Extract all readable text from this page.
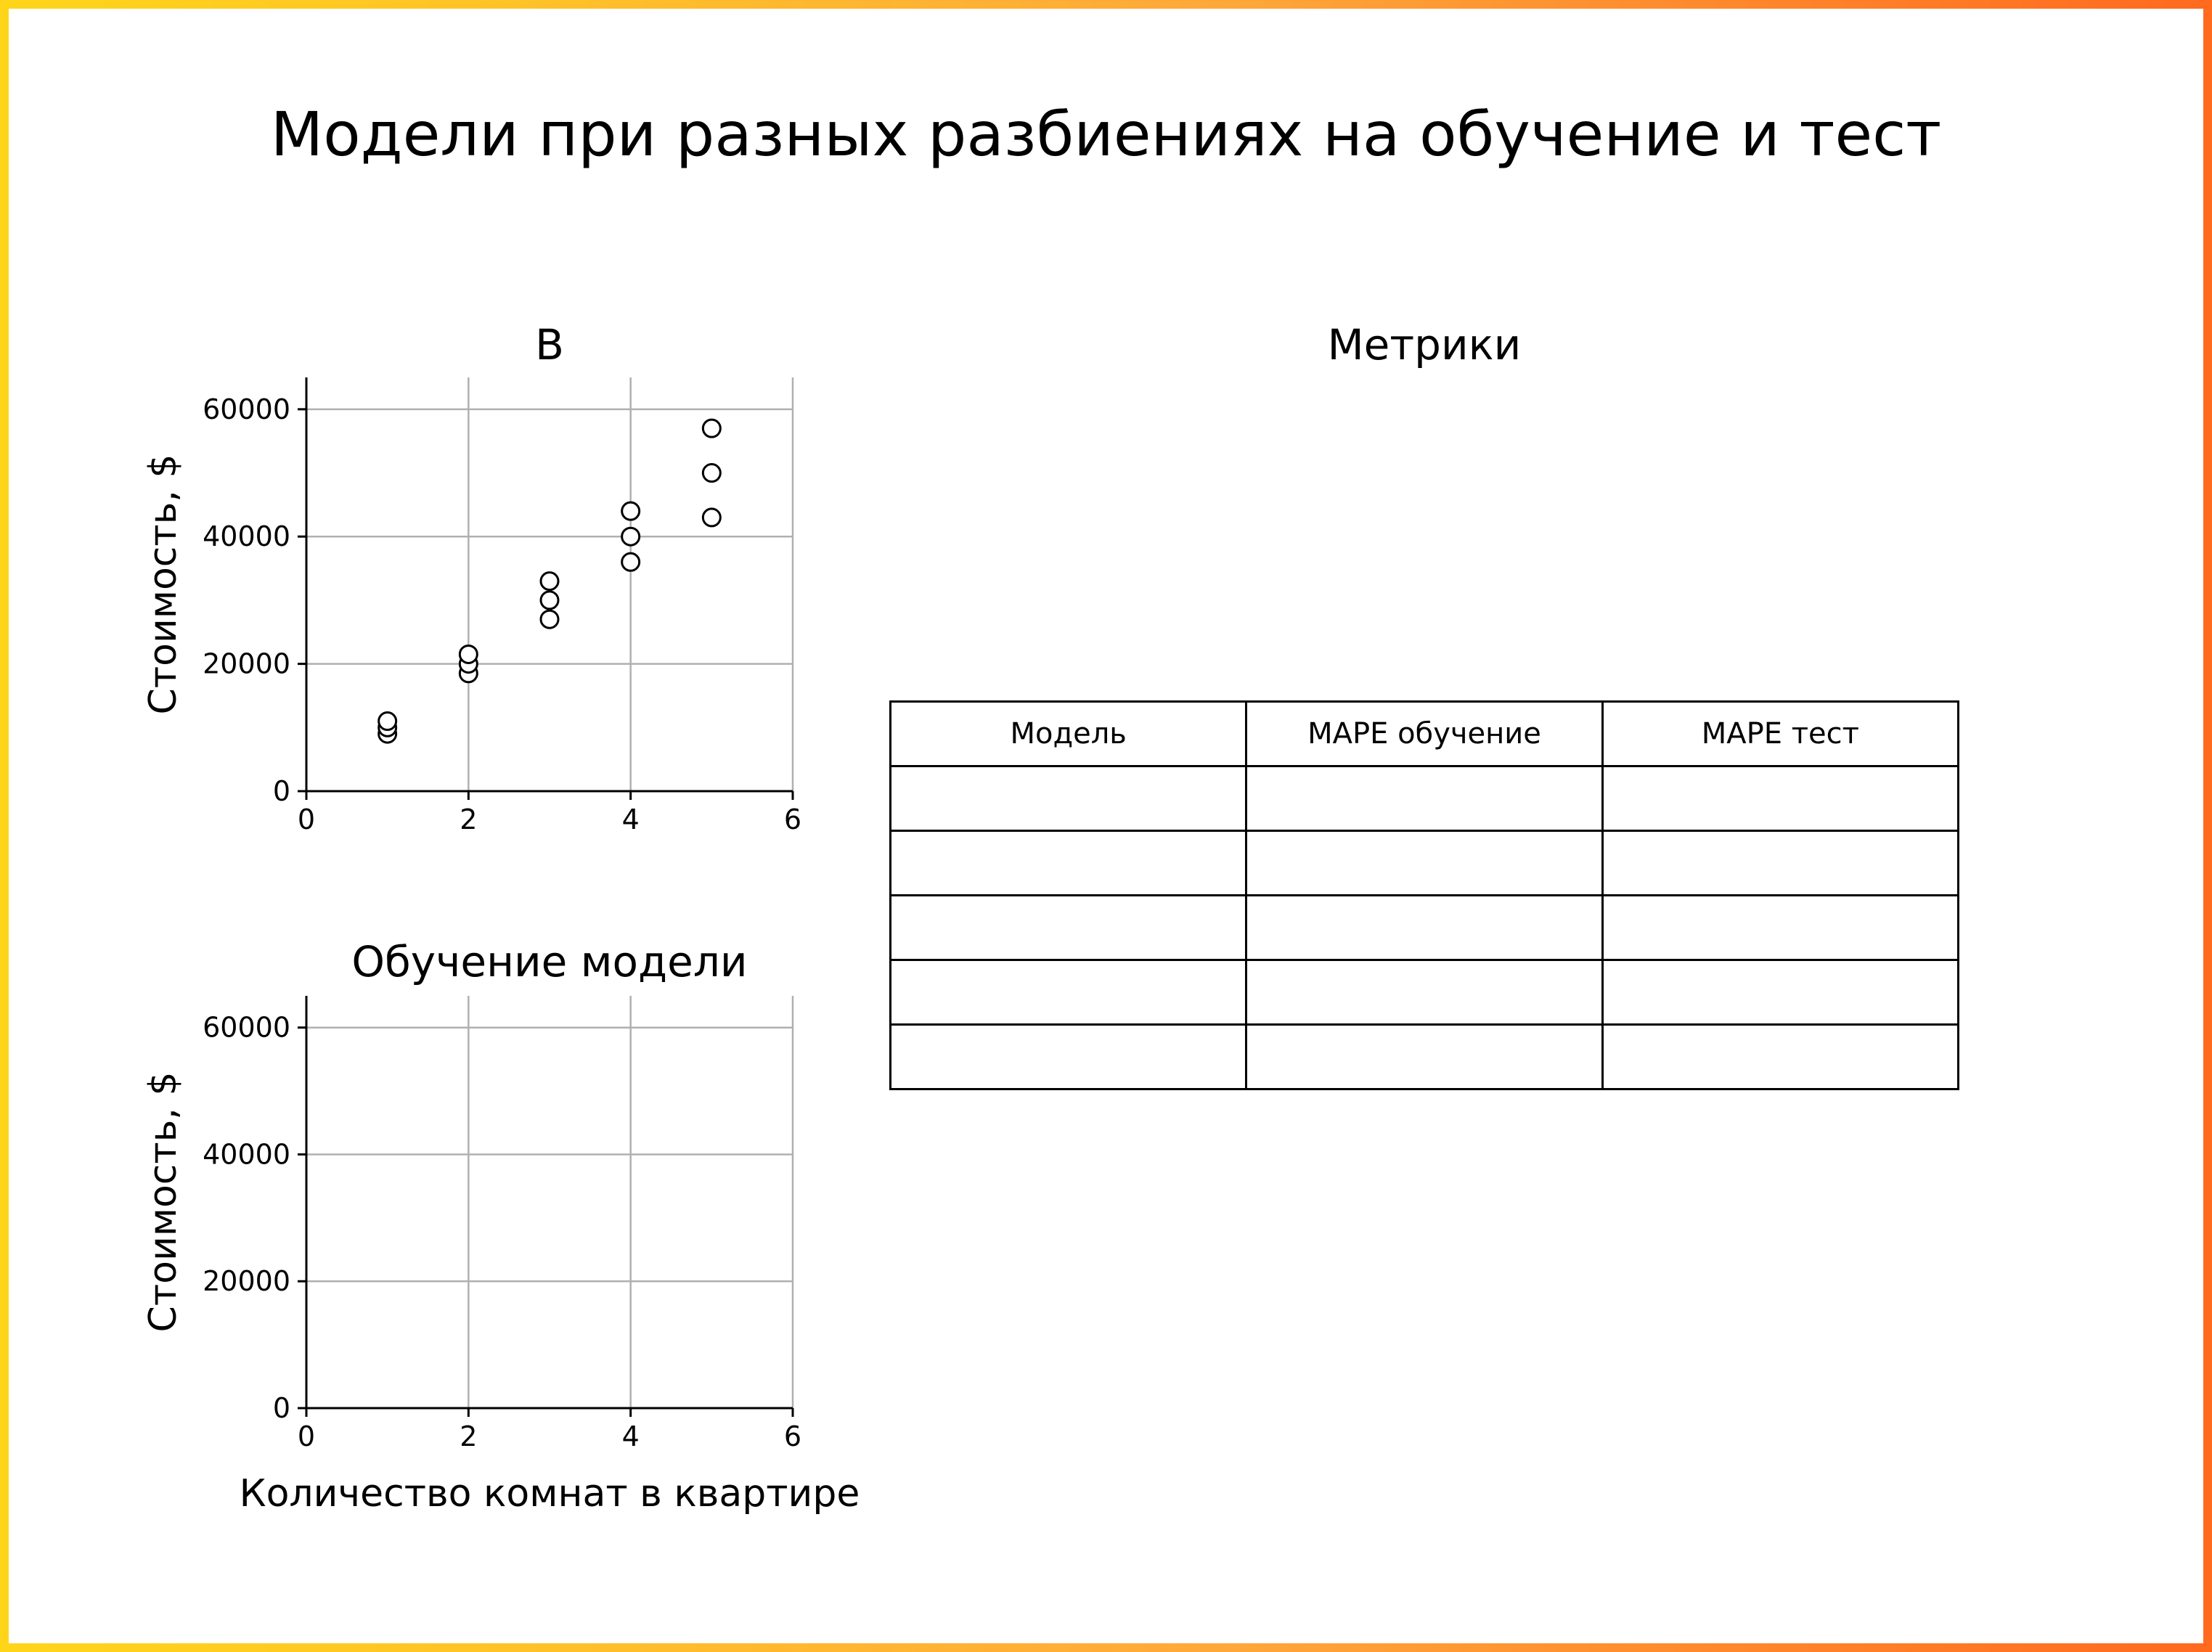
Модели при разных разбиениях на обучение и тест
B
Обучение модели
Метрики
0	2	4	6
0
20000
40000
60000
Стоимость, $
0	2	4	6
0
20000
40000
60000
Стоимость, $
Количество комнат в квартире
Модель	MAPE обучение	MAPE тест
